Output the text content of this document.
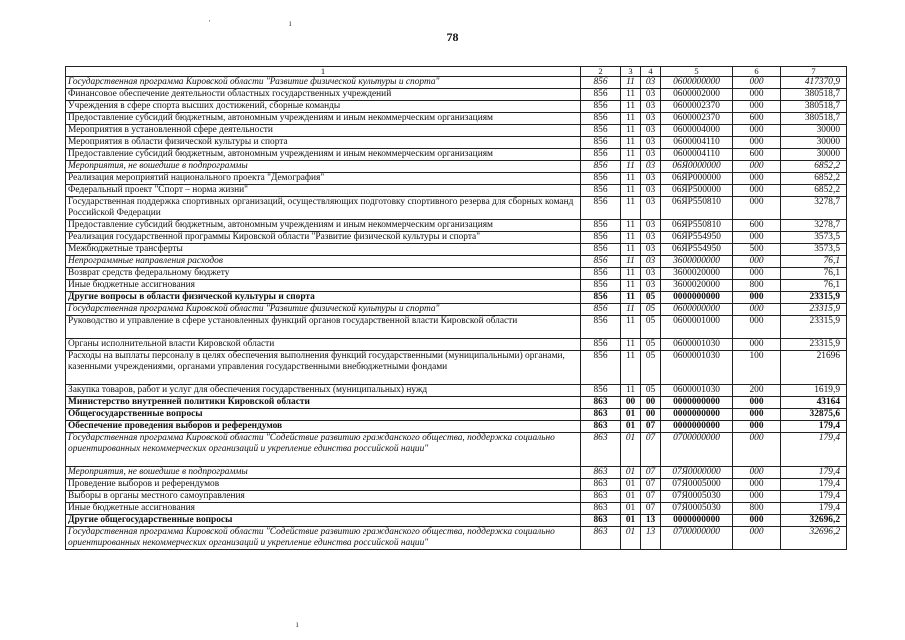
78
·	ı
ı
1	2	3	4	5	6	7
Государственная программа Кировской области "Развитие физической культуры и спорта"	856	11	03	0600000000	000	417370,9
Финансовое обеспечение деятельности областных государственных учреждений	856	11	03	0600002000	000	380518,7
Учреждения в сфере спорта высших достижений, сборные команды	856	11	03	0600002370	000	380518,7
Предоставление субсидий бюджетным, автономным учреждениям и иным некоммерческим организациям	856	11	03	0600002370	600	380518,7
Мероприятия в установленной сфере деятельности	856	11	03	0600004000	000	30000
Мероприятия в области физической культуры и спорта	856	11	03	0600004110	000	30000
Предоставление субсидий бюджетным, автономным учреждениям и иным некоммерческим организациям	856	11	03	0600004110	600	30000
Мероприятия, не вошедшие в подпрограммы	856	11	03	06Я0000000	000	6852,2
Реализация мероприятий национального проекта "Демография"	856	11	03	06ЯР000000	000	6852,2
Федеральный проект "Спорт – норма жизни"	856	11	03	06ЯР500000	000	6852,2
Государственная поддержка спортивных организаций, осуществляющих подготовку спортивного резерва для сборных команд Российской Федерации	856	11	03	06ЯР550810	000	3278,7
Предоставление субсидий бюджетным, автономным учреждениям и иным некоммерческим организациям	856	11	03	06ЯР550810	600	3278,7
Реализация государственной программы Кировской области "Развитие физической культуры и спорта"	856	11	03	06ЯР554950	000	3573,5
Межбюджетные трансферты	856	11	03	06ЯР554950	500	3573,5
Непрограммные направления расходов	856	11	03	3600000000	000	76,1
Возврат средств федеральному бюджету	856	11	03	3600020000	000	76,1
Иные бюджетные ассигнования	856	11	03	3600020000	800	76,1
Другие вопросы в области физической культуры и спорта	856	11	05	0000000000	000	23315,9
Государственная программа Кировской области "Развитие физической культуры и спорта"	856	11	05	0600000000	000	23315,9
Руководство и управление в сфере установленных функций органов государственной власти Кировской области	856	11	05	0600001000	000	23315,9
Органы исполнительной власти Кировской области	856	11	05	0600001030	000	23315,9
Расходы на выплаты персоналу в целях обеспечения выполнения функций государственными (муниципальными) органами, казенными учреждениями, органами управления государственными внебюджетными фондами	856	11	05	0600001030	100	21696
Закупка товаров, работ и услуг для обеспечения государственных (муниципальных) нужд	856	11	05	0600001030	200	1619,9
Министерство внутренней политики Кировской области	863	00	00	0000000000	000	43164
Общегосударственные вопросы	863	01	00	0000000000	000	32875,6
Обеспечение проведения выборов и референдумов	863	01	07	0000000000	000	179,4
Государственная программа Кировской области "Содействие развитию гражданского общества, поддержка социально ориентированных некоммерческих организаций и укрепление единства российской нации"	863	01	07	0700000000	000	179,4
Мероприятия, не вошедшие в подпрограммы	863	01	07	07Я0000000	000	179,4
Проведение выборов и референдумов	863	01	07	07Я0005000	000	179,4
Выборы в органы местного самоуправления	863	01	07	07Я0005030	000	179,4
Иные бюджетные ассигнования	863	01	07	07Я0005030	800	179,4
Другие общегосударственные вопросы	863	01	13	0000000000	000	32696,2
Государственная программа Кировской области "Содействие развитию гражданского общества, поддержка социально ориентированных некоммерческих организаций и укрепление единства российской нации"	863	01	13	0700000000	000	32696,2
